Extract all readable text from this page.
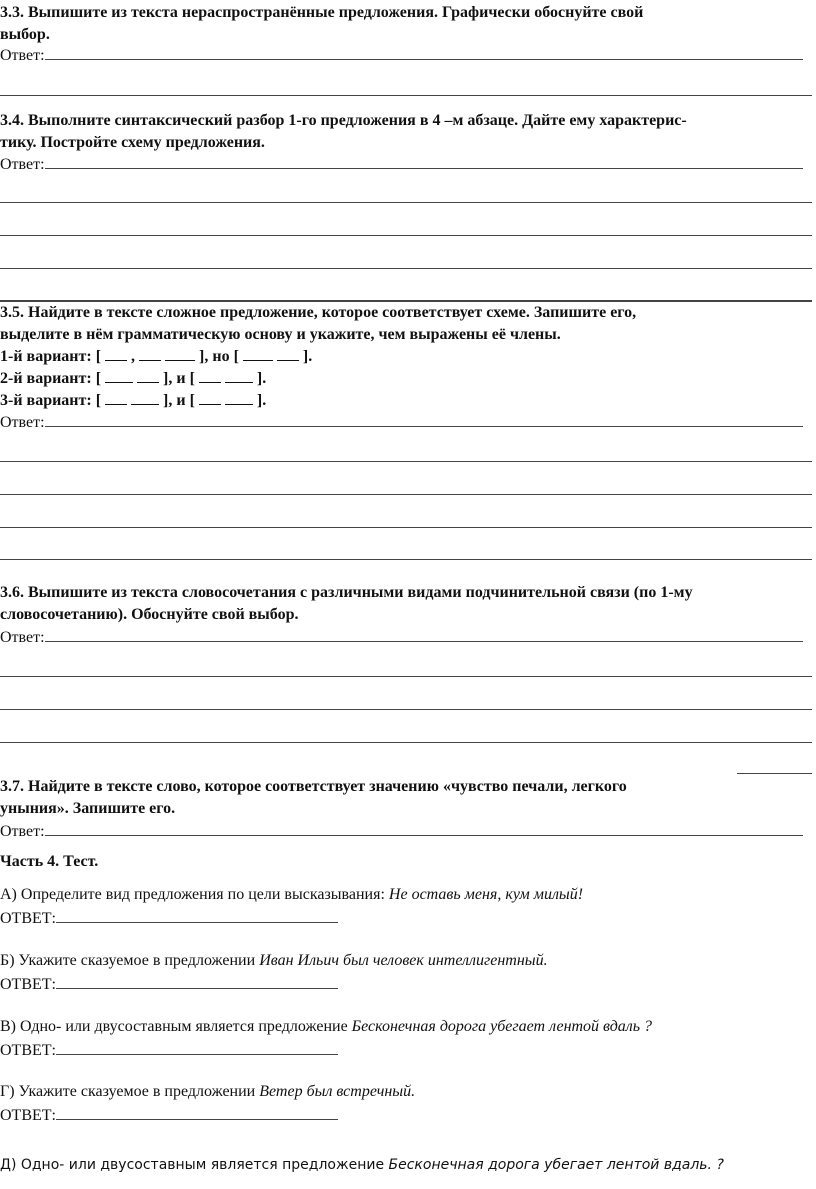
3.3. Выпишите из текста нераспространённые предложения. Графически обоснуйте свой
выбор.
Ответ:
3.4. Выполните синтаксический разбор 1-го предложения в 4 –м абзаце. Дайте ему характерис-
тику. Постройте схему предложения.
Ответ:
3.5. Найдите в тексте сложное предложение, которое соответствует схеме. Запишите его,
выделите в нём грамматическую основу и укажите, чем выражены её члены.
1-й вариант: [ ,	], но [	].
2-й вариант: [	], и [	].
3-й вариант: [	], и [	].
Ответ:
3.6. Выпишите из текста словосочетания с различными видами подчинительной связи (по 1-му
словосочетанию). Обоснуйте свой выбор.
Ответ:
3.7. Найдите в тексте слово, которое соответствует значению «чувство печали, легкого
уныния». Запишите его.
Ответ:
Часть 4. Тест.
А) Определите вид предложения по цели высказывания: Не оставь меня, кум милый!
ОТВЕТ:
Б) Укажите сказуемое в предложении Иван Ильич был человек интеллигентный.
ОТВЕТ:
В) Одно- или двусоставным является предложение Бесконечная дорога убегает лентой вдаль ?
ОТВЕТ:
Г) Укажите сказуемое в предложении Ветер был встречный.
ОТВЕТ:
Д) Одно- или двусоставным является предложение Бесконечная дорога убегает лентой вдаль. ?
